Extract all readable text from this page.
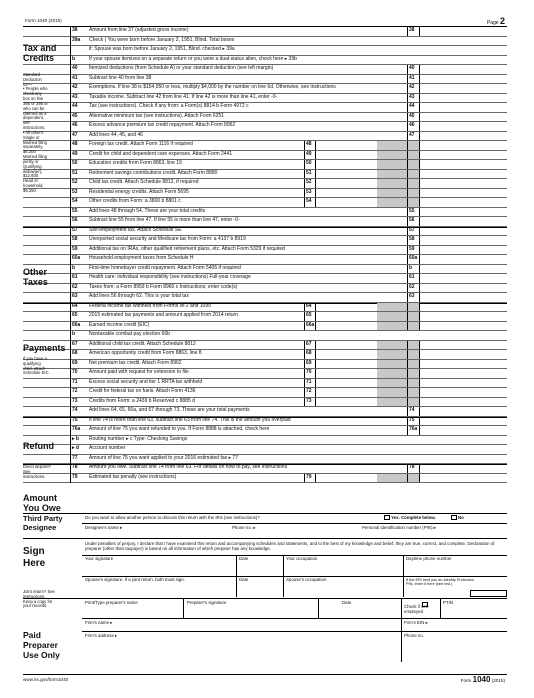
Form 1040 (2015)	Page 2
38	Amount from line 37 (adjusted gross income)	38
39a	Check { You were born before January 2, 1951, Blind. Total boxes
if: Spouse was born before January 2, 1951, Blind. checked ▸ 39a
b	If your spouse itemizes on a separate return or you were a dual-status alien, check here ▸ 39b
40	Itemized deductions (from Schedule A) or your standard deduction (see left margin)	40
41	Subtract line 40 from line 38	41
42	Exemptions. If line 38 is $154,950 or less, multiply $4,000 by the number on line 6d. Otherwise, see instructions	42
43	Taxable income. Subtract line 42 from line 41. If line 42 is more than line 41, enter -0-	43
44	Tax (see instructions). Check if any from: a Form(s) 8814 b Form 4972 c	44
45	Alternative minimum tax (see instructions). Attach Form 6251	45
46	Excess advance premium tax credit repayment. Attach Form 8962	46
47	Add lines 44, 45, and 46	47
48	Foreign tax credit. Attach Form 1116 if required	48
49	Credit for child and dependent care expenses. Attach Form 2441	49
50	Education credits from Form 8863, line 19	50
51	Retirement savings contributions credit. Attach Form 8880	51
52	Child tax credit. Attach Schedule 8812, if required	52
53	Residential energy credits. Attach Form 5695	53
54	Other credits from Form: a 3800 b 8801 c	54
55	Add lines 48 through 54. These are your total credits	55
56	Subtract line 55 from line 47. If line 55 is more than line 47, enter -0-	56
57	Self-employment tax. Attach Schedule SE	57
58	Unreported social security and Medicare tax from Form: a 4137 b 8919	58
59	Additional tax on IRAs, other qualified retirement plans, etc. Attach Form 5329 if required	59
60a	Household employment taxes from Schedule H	60a
b	First-time homebuyer credit repayment. Attach Form 5405 if required	b
61	Health care: individual responsibility (see instructions) Full-year coverage	61
62	Taxes from: a Form 8959 b Form 8960 c Instructions; enter code(s)	62
63	Add lines 56 through 62. This is your total tax	63
64	Federal income tax withheld from Forms W-2 and 1099	64
65	2015 estimated tax payments and amount applied from 2014 return	65
66a	Earned income credit (EIC)	66a
b	Nontaxable combat pay election 66b
67	Additional child tax credit. Attach Schedule 8812	67
68	American opportunity credit from Form 8863, line 8	68
69	Net premium tax credit. Attach Form 8962	69
70	Amount paid with request for extension to file	70
71	Excess social security and tier 1 RRTA tax withheld	71
72	Credit for federal tax on fuels. Attach Form 4136	72
73	Credits from Form: a 2439 b Reserved c 8885 d	73
74	Add lines 64, 65, 66a, and 67 through 73. These are your total payments	74
75	If line 74 is more than line 63, subtract line 63 from line 74. This is the amount you overpaid	75
76a	Amount of line 75 you want refunded to you. If Form 8888 is attached, check here	76a
▸ b	Routing number ▸ c Type: Checking Savings
▸ d	Account number
77	Amount of line 75 you want applied to your 2016 estimated tax ▸ 77
78	Amount you owe. Subtract line 74 from line 63. For details on how to pay, see instructions	78
79	Estimated tax penalty (see instructions)	79
Tax and Credits
Standard
Deduction
for—
• People who
check any
box on line
39a or 39b or
who can be
claimed as a
dependent,
see
instructions.
• All others:
Single or
Married filing
separately,
$6,300
Married filing
jointly or
Qualifying
widow(er),
$12,600
Head of
household,
$9,250
Other Taxes
Payments
If you have a
qualifying
child, attach
Schedule EIC.
Refund
Direct deposit?
See
instructions.
Amount You Owe
Third Party Designee
Sign Here
Joint return? See
instructions.
Keep a copy for
your records.
Paid Preparer Use Only
Do you want to allow another person to discuss this return with the IRS (see instructions)?	Yes. Complete below.	No
Designee's name ▸	Phone no. ▸	Personal identification number (PIN) ▸
Under penalties of perjury, I declare that I have examined this return and accompanying schedules and statements, and to the best of my knowledge and belief, they are true, correct, and complete. Declaration of preparer (other than taxpayer) is based on all information of which preparer has any knowledge.
Your signature	Date	Your occupation	Daytime phone number
Spouse's signature. If a joint return, both must sign.	Date	Spouse's occupation	If the IRS sent you an Identity Protection PIN, enter it here (see inst.)
Print/Type preparer's name	Preparer's signature	Date
Check if self-employed
PTIN
Firm's name ▸	Firm's EIN ▸
Firm's address ▸	Phone no.
www.irs.gov/form1040	Form 1040 (2015)
